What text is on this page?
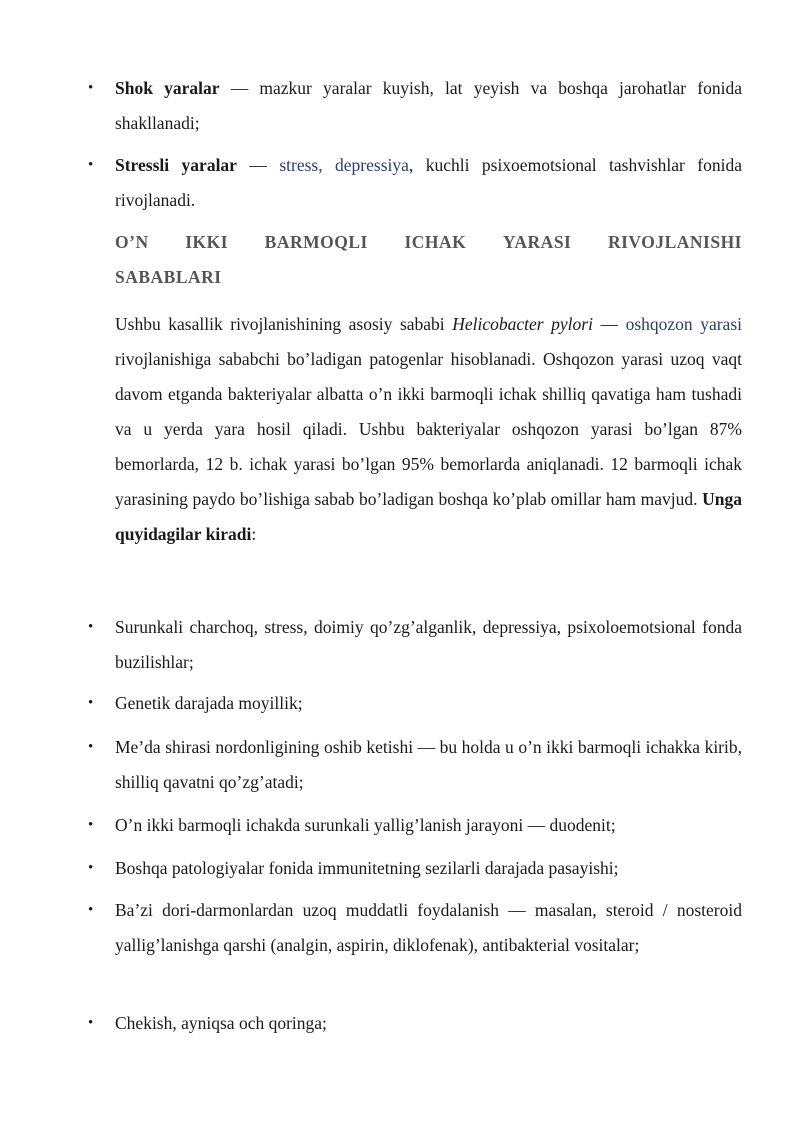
• Shok yaralar — mazkur yaralar kuyish, lat yeyish va boshqa jarohatlar fonida shakllanadi;
• Stressli yaralar — stress, depressiya, kuchli psixoemotsional tashvishlar fonida rivojlanadi.
O’N IKKI BARMOQLI ICHAK YARASI RIVOJLANISHI
SABABLARI
Ushbu kasallik rivojlanishining asosiy sababi Helicobacter pylori — oshqozon yarasi rivojlanishiga sababchi bo’ladigan patogenlar hisoblanadi. Oshqozon yarasi uzoq vaqt davom etganda bakteriyalar albatta o’n ikki barmoqli ichak shilliq qavatiga ham tushadi va u yerda yara hosil qiladi. Ushbu bakteriyalar oshqozon yarasi bo’lgan 87% bemorlarda, 12 b. ichak yarasi bo’lgan 95% bemorlarda aniqlanadi. 12 barmoqli ichak yarasining paydo bo’lishiga sabab bo’ladigan boshqa ko’plab omillar ham mavjud. Unga quyidagilar kiradi:
• Surunkali charchoq, stress, doimiy qo’zg’alganlik, depressiya, psixoloemotsional fonda buzilishlar;
• Genetik darajada moyillik;
• Me’da shirasi nordonligining oshib ketishi — bu holda u o’n ikki barmoqli ichakka kirib, shilliq qavatni qo’zg’atadi;
• O’n ikki barmoqli ichakda surunkali yallig’lanish jarayoni — duodenit;
• Boshqa patologiyalar fonida immunitetning sezilarli darajada pasayishi;
• Ba’zi dori-darmonlardan uzoq muddatli foydalanish — masalan, steroid / nosteroid yallig’lanishga qarshi (analgin, aspirin, diklofenak), antibakterial vositalar;
• Chekish, ayniqsa och qoringa;
